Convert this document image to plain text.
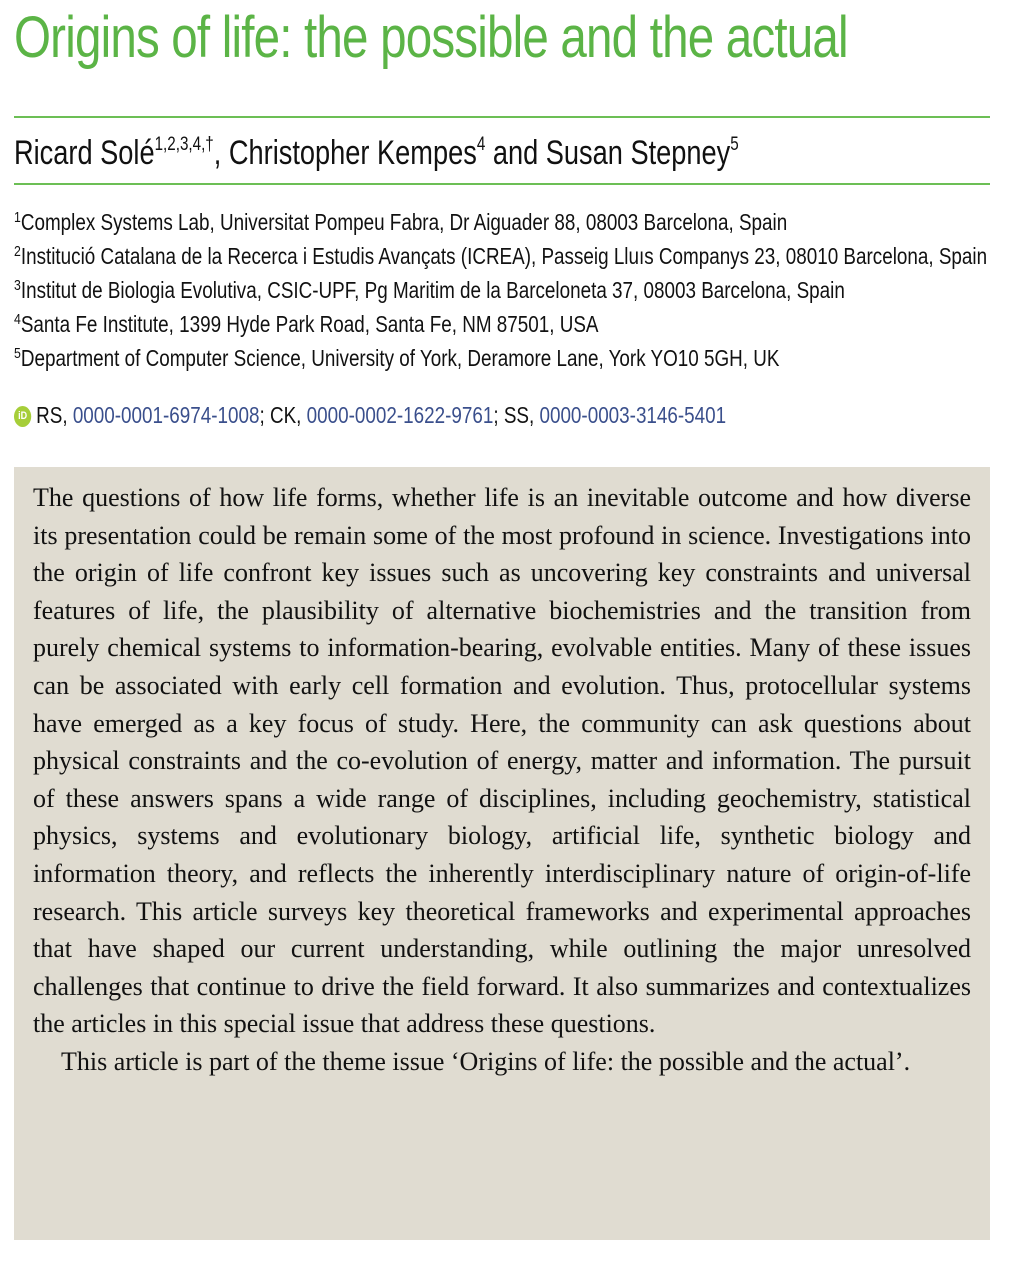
Origins of life: the possible and the actual
Ricard Solé$^{1,2,3,4,\dagger}$, Christopher Kempes$^4$ and Susan Stepney$^5$
$^1$Complex Systems Lab, Universitat Pompeu Fabra, Dr Aiguader 88, 08003 Barcelona, Spain
$^2$Institució Catalana de la Recerca i Estudis Avançats (ICREA), Passeig Lluıs Companys 23, 08010 Barcelona, Spain
$^3$Institut de Biologia Evolutiva, CSIC-UPF, Pg Maritim de la Barceloneta 37, 08003 Barcelona, Spain
$^4$Santa Fe Institute, 1399 Hyde Park Road, Santa Fe, NM 87501, USA
$^5$Department of Computer Science, University of York, Deramore Lane, York YO10 5GH, UK
iD RS, 0000-0001-6974-1008; CK, 0000-0002-1622-9761; SS, 0000-0003-3146-5401

The questions of how life forms, whether life is an inevitable outcome and how diverse its presentation could be remain some of the most profound in science. Investigations into the origin of life confront key issues such as uncovering key constraints and universal features of life, the plausibility of alternative biochemistries and the transition from purely chemical systems to information-bearing, evolvable entities. Many of these issues can be associated with early cell formation and evolution. Thus, protocellular systems have emerged as a key focus of study. Here, the community can ask questions about physical constraints and the co-evolution of energy, matter and information. The pursuit of these answers spans a wide range of disciplines, including geochemistry, statistical physics, systems and evolutionary biology, artificial life, synthetic biology and information theory, and reflects the inherently interdisciplinary nature of origin-of-life research. This article surveys key theoretical frameworks and experimental approaches that have shaped our current understanding, while outlining the major unresolved challenges that continue to drive the field forward. It also summarizes and contextualizes the articles in this special issue that address these questions.

This article is part of the theme issue ‘Origins of life: the possible and the actual’.
